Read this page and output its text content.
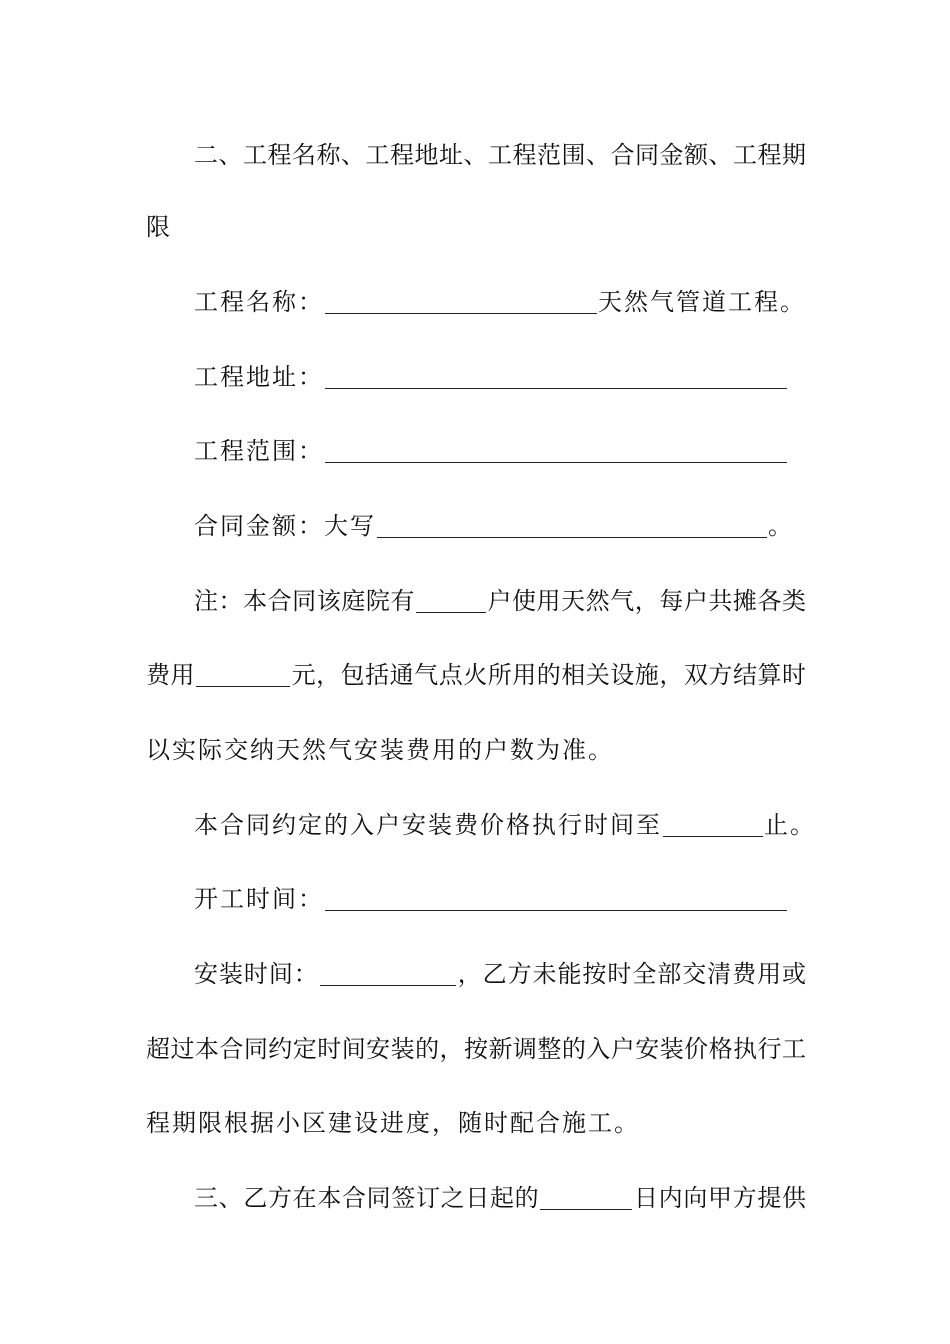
二、工程名称、工程地址、工程范围、合同金额、工程期
限
工程名称：	天然气管道工程。
工程地址：
工程范围：
合同金额：大写	。
注：本合同该庭院有	户使用天然气，每户共摊各类
费用	元，包括通气点火所用的相关设施，双方结算时
以实际交纳天然气安装费用的户数为准。
本合同约定的入户安装费价格执行时间至	止。
开工时间：
安装时间：	，乙方未能按时全部交清费用或
超过本合同约定时间安装的，按新调整的入户安装价格执行工
程期限根据小区建设进度，随时配合施工。
三、乙方在本合同签订之日起的	日内向甲方提供
